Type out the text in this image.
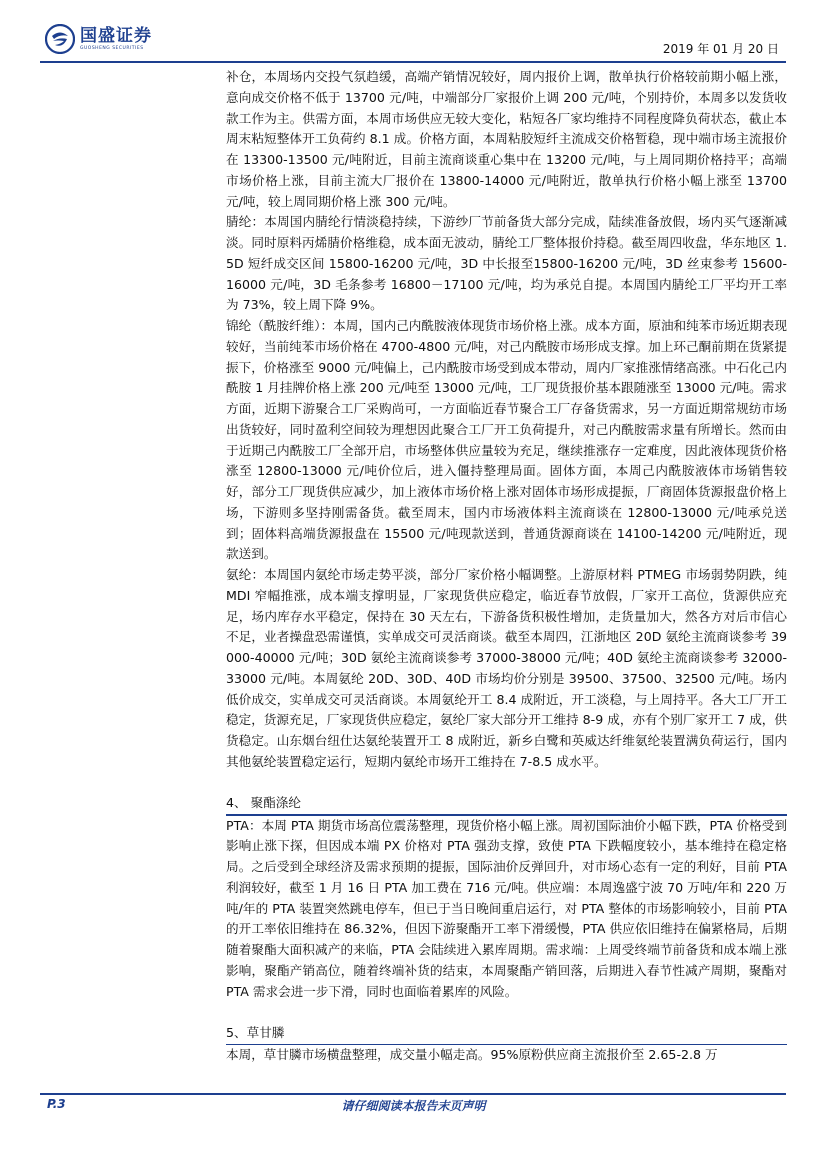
国盛证券
GUOSHENG SECURITIES	2019 年 01 月 20 日

补仓，本周场内交投气氛趋缓，高端产销情况较好，周内报价上调，散单执行价格较前期小幅上涨，意向成交价格不低于 13700 元/吨，中端部分厂家报价上调 200 元/吨，个别持价，本周多以发货收款工作为主。供需方面，本周市场供应无较大变化，粘短各厂家均维持不同程度降负荷状态，截止本周末粘短整体开工负荷约 8.1 成。价格方面，本周粘胶短纤主流成交价格暂稳，现中端市场主流报价在 13300-13500 元/吨附近，目前主流商谈重心集中在 13200 元/吨，与上周同期价格持平；高端市场价格上涨，目前主流大厂报价在 13800-14000 元/吨附近，散单执行价格小幅上涨至 13700 元/吨，较上周同期价格上涨 300 元/吨。

腈纶：本周国内腈纶行情淡稳持续，下游纱厂节前备货大部分完成，陆续准备放假，场内买气逐渐减淡。同时原料丙烯腈价格维稳，成本面无波动，腈纶工厂整体报价持稳。截至周四收盘，华东地区 1.5D 短纤成交区间 15800-16200 元/吨，3D 中长报至15800-16200 元/吨，3D 丝束参考 15600-16000 元/吨，3D 毛条参考 16800－17100 元/吨，均为承兑自提。本周国内腈纶工厂平均开工率为 73%，较上周下降 9%。

锦纶（酰胺纤维）：本周，国内己内酰胺液体现货市场价格上涨。成本方面，原油和纯苯市场近期表现较好，当前纯苯市场价格在 4700-4800 元/吨，对己内酰胺市场形成支撑。加上环己酮前期在货紧提振下，价格涨至 9000 元/吨偏上，己内酰胺市场受到成本带动，周内厂家推涨情绪高涨。中石化己内酰胺 1 月挂牌价格上涨 200 元/吨至 13000 元/吨，工厂现货报价基本跟随涨至 13000 元/吨。需求方面，近期下游聚合工厂采购尚可，一方面临近春节聚合工厂存备货需求，另一方面近期常规纺市场出货较好，同时盈利空间较为理想因此聚合工厂开工负荷提升，对己内酰胺需求量有所增长。然而由于近期己内酰胺工厂全部开启，市场整体供应量较为充足，继续推涨存一定难度，因此液体现货价格涨至 12800-13000 元/吨价位后，进入僵持整理局面。固体方面，本周己内酰胺液体市场销售较好，部分工厂现货供应减少，加上液体市场价格上涨对固体市场形成提振，厂商固体货源报盘价格上场，下游则多坚持刚需备货。截至周末，国内市场液体料主流商谈在 12800-13000 元/吨承兑送到；固体料高端货源报盘在 15500 元/吨现款送到，普通货源商谈在 14100-14200 元/吨附近，现款送到。

氨纶：本周国内氨纶市场走势平淡，部分厂家价格小幅调整。上游原材料 PTMEG 市场弱势阴跌，纯 MDI 窄幅推涨，成本端支撑明显，厂家现货供应稳定，临近春节放假，厂家开工高位，货源供应充足，场内库存水平稳定，保持在 30 天左右，下游备货积极性增加，走货量加大，然各方对后市信心不足，业者操盘恐需谨慎，实单成交可灵活商谈。截至本周四，江浙地区 20D 氨纶主流商谈参考 39000-40000 元/吨；30D 氨纶主流商谈参考 37000-38000 元/吨；40D 氨纶主流商谈参考 32000-33000 元/吨。本周氨纶 20D、30D、40D 市场均价分别是 39500、37500、32500 元/吨。场内低价成交，实单成交可灵活商谈。本周氨纶开工 8.4 成附近，开工淡稳，与上周持平。各大工厂开工稳定，货源充足，厂家现货供应稳定，氨纶厂家大部分开工维持 8-9 成，亦有个别厂家开工 7 成，供货稳定。山东烟台纽仕达氨纶装置开工 8 成附近，新乡白鹭和英威达纤维氨纶装置满负荷运行，国内其他氨纶装置稳定运行，短期内氨纶市场开工维持在 7-8.5 成水平。

4、 聚酯涤纶

PTA：本周 PTA 期货市场高位震荡整理，现货价格小幅上涨。周初国际油价小幅下跌，PTA 价格受到影响止涨下探，但因成本端 PX 价格对 PTA 强劲支撑，致使 PTA 下跌幅度较小，基本维持在稳定格局。之后受到全球经济及需求预期的提振，国际油价反弹回升，对市场心态有一定的利好，目前 PTA 利润较好，截至 1 月 16 日 PTA 加工费在 716 元/吨。供应端：本周逸盛宁波 70 万吨/年和 220 万吨/年的 PTA 装置突然跳电停车，但已于当日晚间重启运行，对 PTA 整体的市场影响较小，目前 PTA 的开工率依旧维持在 86.32%，但因下游聚酯开工率下滑缓慢，PTA 供应依旧维持在偏紧格局，后期随着聚酯大面积减产的来临，PTA 会陆续进入累库周期。需求端：上周受终端节前备货和成本端上涨影响，聚酯产销高位，随着终端补货的结束，本周聚酯产销回落，后期进入春节性减产周期，聚酯对 PTA 需求会进一步下滑，同时也面临着累库的风险。

5、草甘膦

本周，草甘膦市场横盘整理，成交量小幅走高。95%原粉供应商主流报价至 2.65-2.8 万

P.3	请仔细阅读本报告末页声明
